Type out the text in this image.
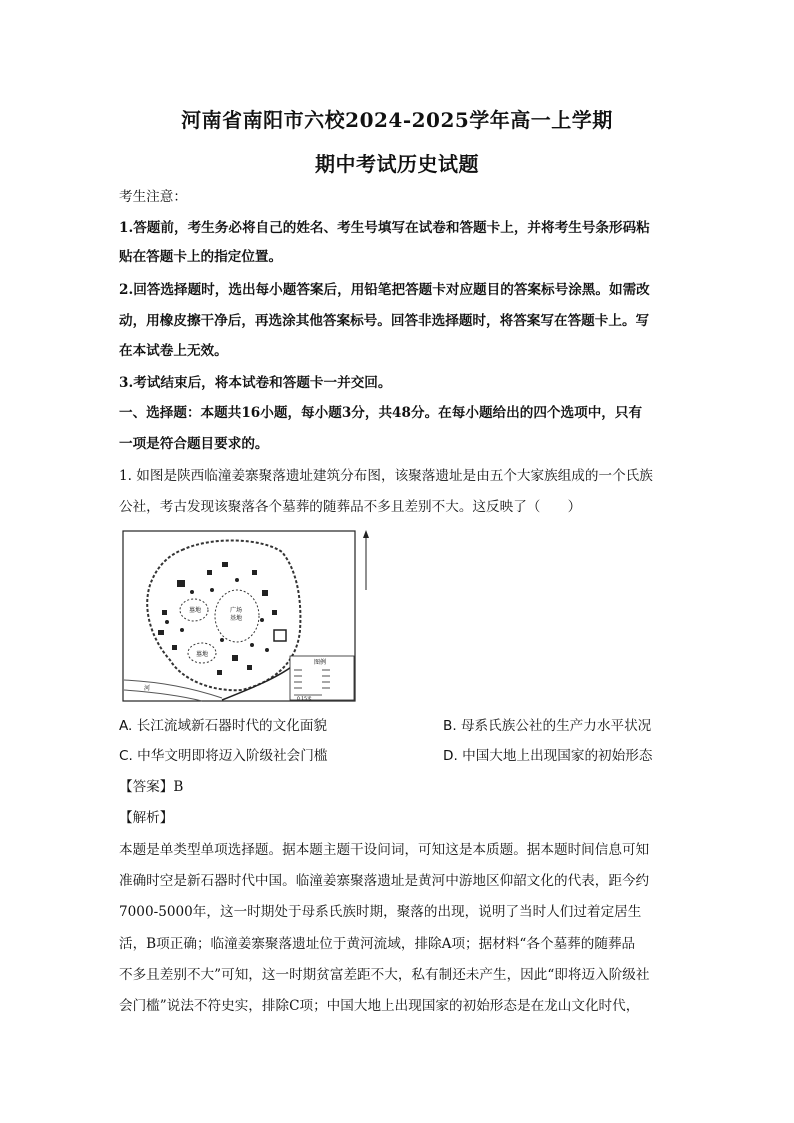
河南省南阳市六校2024-2025学年高一上学期
期中考试历史试题
考生注意：
1.答题前，考生务必将自己的姓名、考生号填写在试卷和答题卡上，并将考生号条形码粘
贴在答题卡上的指定位置。
2.回答选择题时，选出每小题答案后，用铅笔把答题卡对应题目的答案标号涂黑。如需改
动，用橡皮擦干净后，再选涂其他答案标号。回答非选择题时，将答案写在答题卡上。写
在本试卷上无效。
3.考试结束后，将本试卷和答题卡一并交回。
一、选择题：本题共16小题，每小题3分，共48分。在每小题给出的四个选项中，只有
一项是符合题目要求的。
1. 如图是陕西临潼姜寨聚落遗址建筑分布图，该聚落遗址是由五个大家族组成的一个氏族
公社，考古发现该聚落各个墓葬的随葬品不多且差别不大。这反映了（　　）
墓地	广场
基地
墓地
河
图例
0 15米
A. 长江流域新石器时代的文化面貌	B. 母系氏族公社的生产力水平状况
C. 中华文明即将迈入阶级社会门槛	D. 中国大地上出现国家的初始形态
【答案】B
【解析】
本题是单类型单项选择题。据本题主题干设问词，可知这是本质题。据本题时间信息可知
准确时空是新石器时代中国。临潼姜寨聚落遗址是黄河中游地区仰韶文化的代表，距今约
7000-5000年，这一时期处于母系氏族时期，聚落的出现，说明了当时人们过着定居生
活，B项正确；临潼姜寨聚落遗址位于黄河流域，排除A项；据材料“各个墓葬的随葬品
不多且差别不大”可知，这一时期贫富差距不大，私有制还未产生，因此“即将迈入阶级社
会门槛”说法不符史实，排除C项；中国大地上出现国家的初始形态是在龙山文化时代，
